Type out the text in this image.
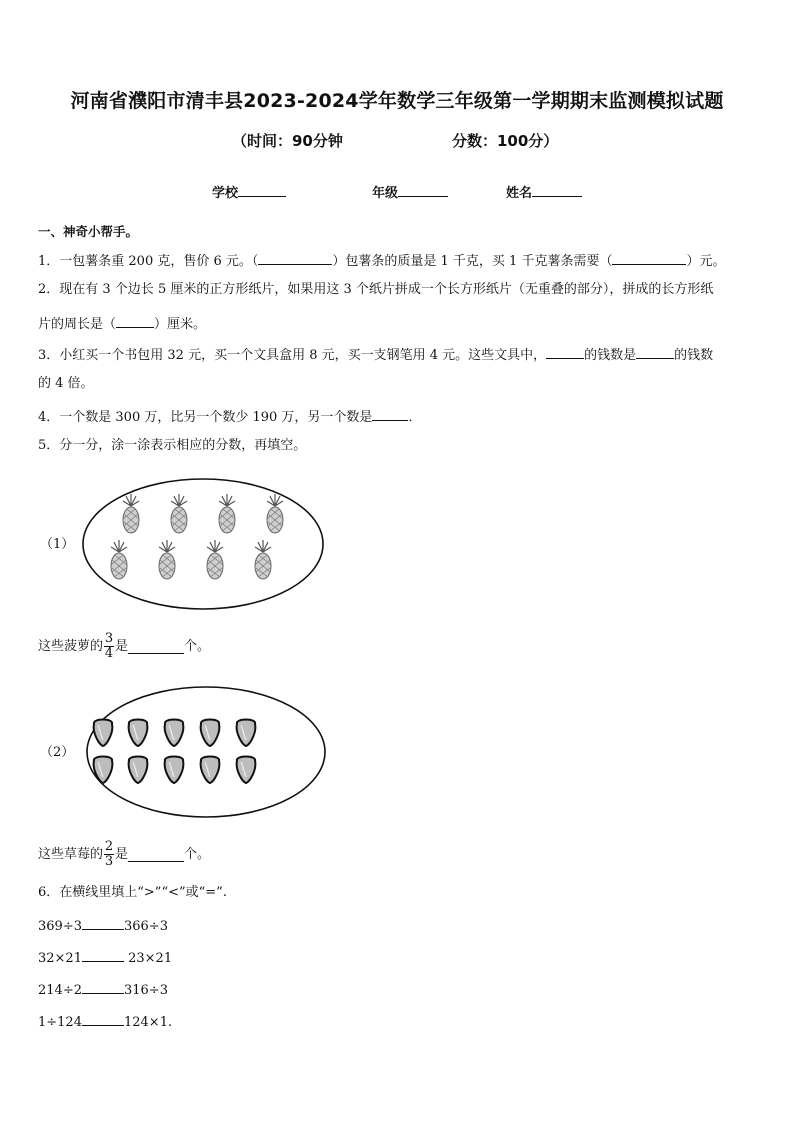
河南省濮阳市清丰县2023-2024学年数学三年级第一学期期末监测模拟试题
（时间：90分钟	分数：100分）
学校	年级	姓名
一、神奇小帮手。
1．一包薯条重 200 克，售价 6 元。（	）包薯条的质量是 1 千克，买 1 千克薯条需要（	）元。
2．现在有 3 个边长 5 厘米的正方形纸片，如果用这 3 个纸片拼成一个长方形纸片（无重叠的部分），拼成的长方形纸
片的周长是（	）厘米。
3．小红买一个书包用 32 元，买一个文具盒用 8 元，买一支钢笔用 4 元。这些文具中，	的钱数是	的钱数
的 4 倍。
4．一个数是 300 万，比另一个数少 190 万，另一个数是	．
5．分一分，涂一涂表示相应的分数，再填空。
（1）
这些菠萝的 $\frac{3}{4}$ 是	个。
（2）
这些草莓的 $\frac{2}{3}$ 是	个。
6．在横线里填上“>”“<”或“=”.
369÷3	366÷3
32×21	23×21
214÷2	316÷3
1÷124	124×1.
